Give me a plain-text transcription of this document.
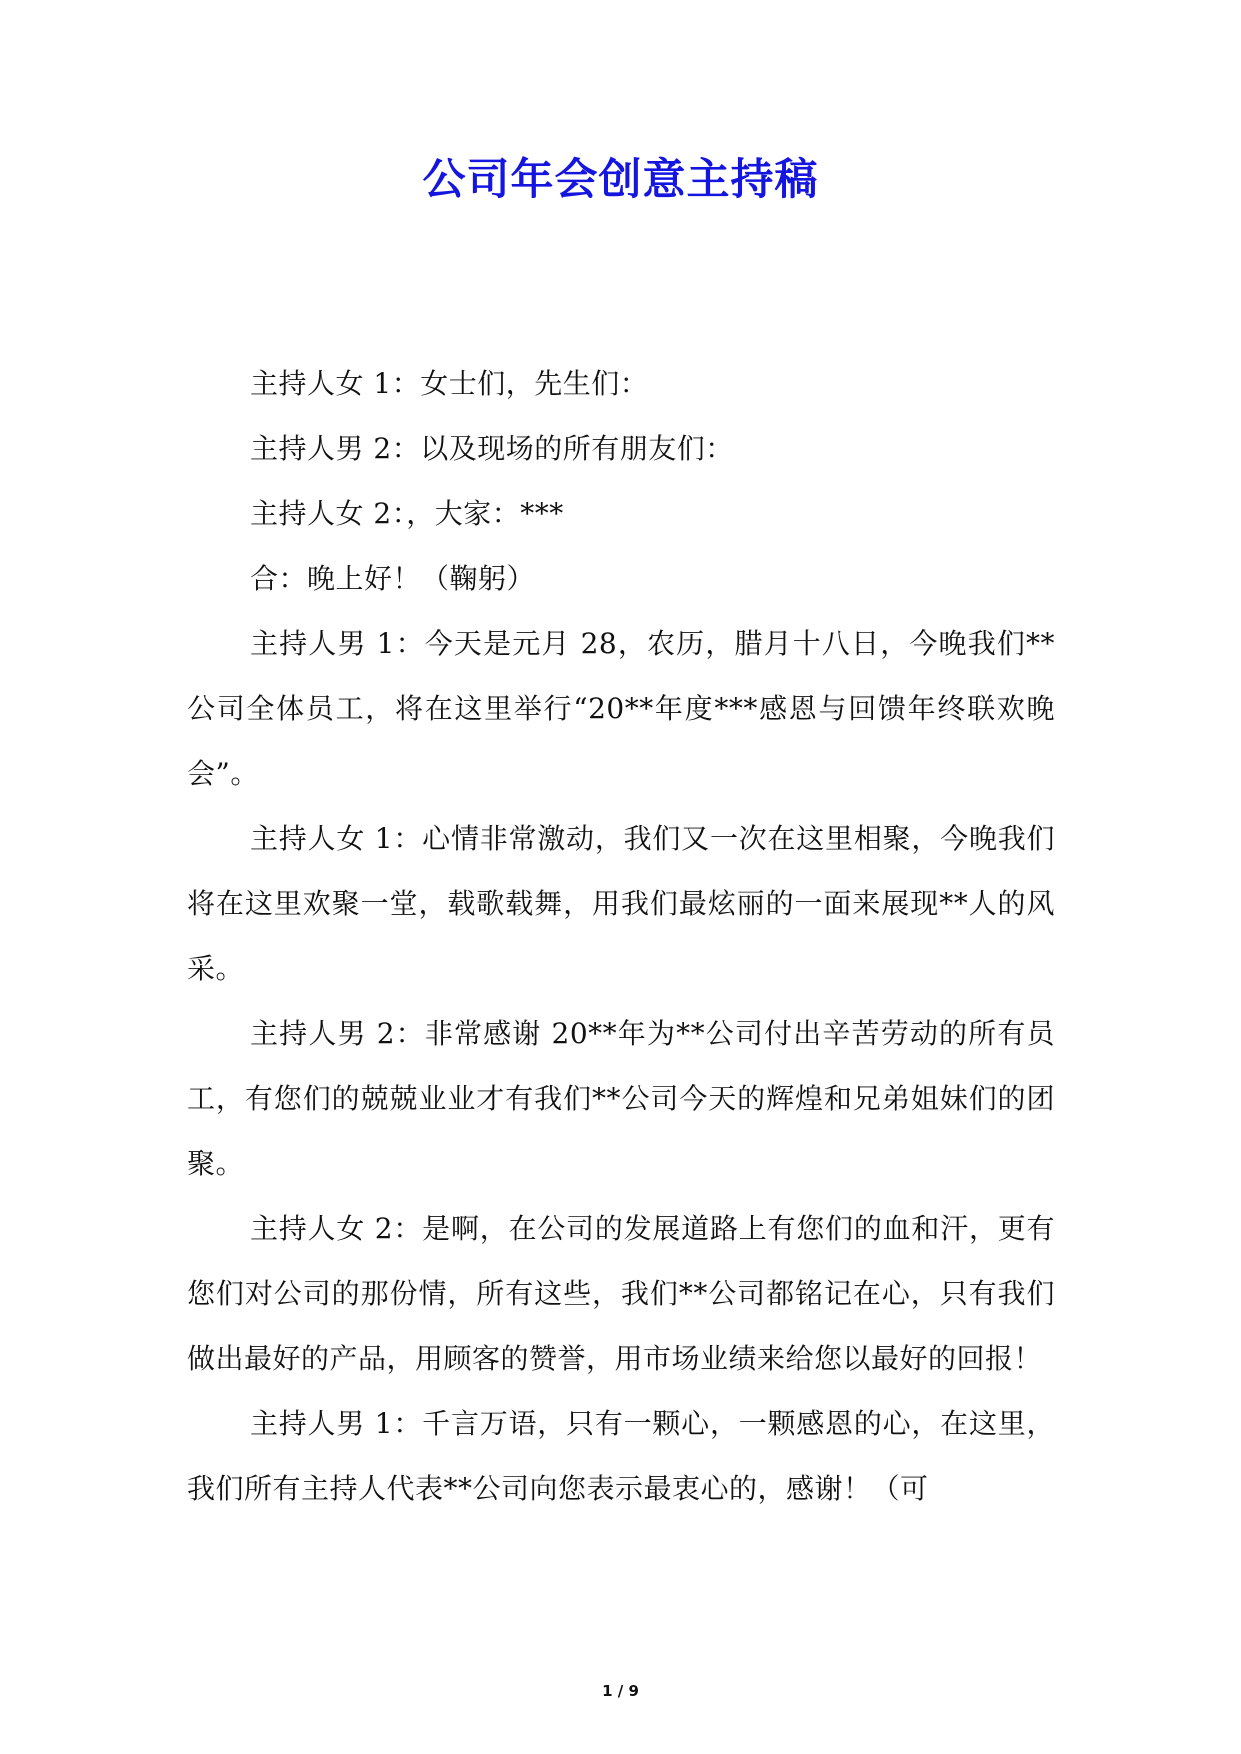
公司年会创意主持稿

主持人女 1：女士们，先生们：

主持人男 2：以及现场的所有朋友们：

主持人女 2：，大家：***

合：晚上好！（鞠躬）

主持人男 1：今天是元月 28，农历，腊月十八日，今晚我们**公司全体员工，将在这里举行“20**年度***感恩与回馈年终联欢晚会”。

主持人女 1：心情非常激动，我们又一次在这里相聚，今晚我们将在这里欢聚一堂，载歌载舞，用我们最炫丽的一面来展现**人的风采。

主持人男 2：非常感谢 20**年为**公司付出辛苦劳动的所有员工，有您们的兢兢业业才有我们**公司今天的辉煌和兄弟姐妹们的团聚。

主持人女 2：是啊，在公司的发展道路上有您们的血和汗，更有您们对公司的那份情，所有这些，我们**公司都铭记在心，只有我们做出最好的产品，用顾客的赞誉，用市场业绩来给您以最好的回报！

主持人男 1：千言万语，只有一颗心，一颗感恩的心，在这里，我们所有主持人代表**公司向您表示最衷心的，感谢！（可

1 / 9
